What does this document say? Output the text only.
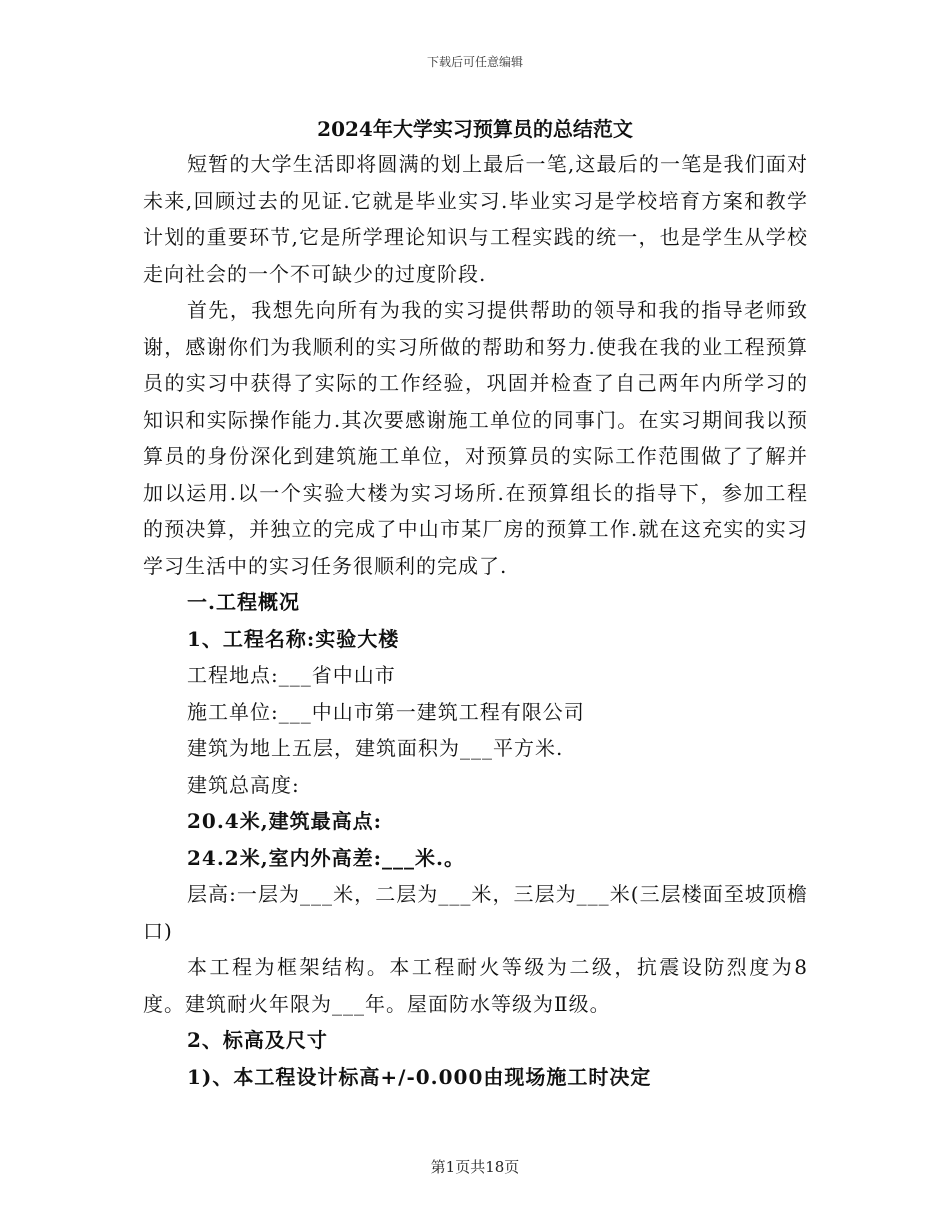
下载后可任意编辑
2024年大学实习预算员的总结范文

短暂的大学生活即将圆满的划上最后一笔,这最后的一笔是我们面对未来,回顾过去的见证.它就是毕业实习.毕业实习是学校培育方案和教学计划的重要环节,它是所学理论知识与工程实践的统一，也是学生从学校走向社会的一个不可缺少的过度阶段.

首先，我想先向所有为我的实习提供帮助的领导和我的指导老师致谢，感谢你们为我顺利的实习所做的帮助和努力.使我在我的业工程预算员的实习中获得了实际的工作经验，巩固并检查了自己两年内所学习的知识和实际操作能力.其次要感谢施工单位的同事门。在实习期间我以预算员的身份深化到建筑施工单位，对预算员的实际工作范围做了了解并加以运用.以一个实验大楼为实习场所.在预算组长的指导下，参加工程的预决算，并独立的完成了中山市某厂房的预算工作.就在这充实的实习学习生活中的实习任务很顺利的完成了.

一.工程概况

1、工程名称:实验大楼

工程地点:___省中山市

施工单位:___中山市第一建筑工程有限公司

建筑为地上五层，建筑面积为___平方米.

建筑总高度:

20.4米,建筑最高点:

24.2米,室内外高差:___米.。

层高:一层为___米，二层为___米，三层为___米(三层楼面至坡顶檐口)

本工程为框架结构。本工程耐火等级为二级，抗震设防烈度为8度。建筑耐火年限为___年。屋面防水等级为Ⅱ级。

2、标高及尺寸

1)、本工程设计标高+/-0.000由现场施工时决定

第1页共18页
